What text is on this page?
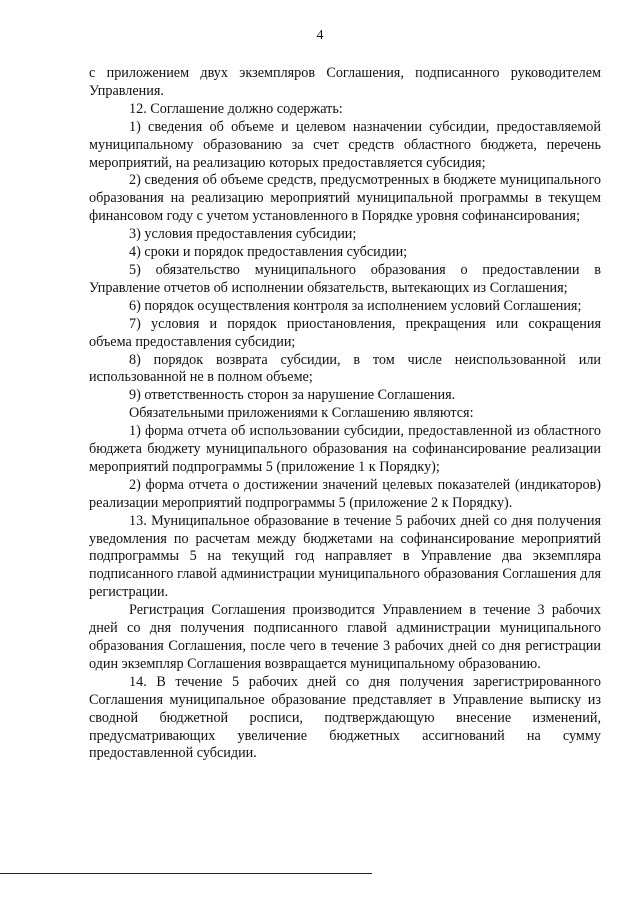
4

с приложением двух экземпляров Соглашения, подписанного руководителем Управления.

12. Соглашение должно содержать:

1) сведения об объеме и целевом назначении субсидии, предоставляемой муниципальному образованию за счет средств областного бюджета, перечень мероприятий, на реализацию которых предоставляется субсидия;

2) сведения об объеме средств, предусмотренных в бюджете муниципального образования на реализацию мероприятий муниципальной программы в текущем финансовом году с учетом установленного в Порядке уровня софинансирования;

3) условия предоставления субсидии;

4) сроки и порядок предоставления субсидии;

5) обязательство муниципального образования о предоставлении в Управление отчетов об исполнении обязательств, вытекающих из Соглашения;

6) порядок осуществления контроля за исполнением условий Соглашения;

7) условия и порядок приостановления, прекращения или сокращения объема предоставления субсидии;

8) порядок возврата субсидии, в том числе неиспользованной или использованной не в полном объеме;

9) ответственность сторон за нарушение Соглашения.

Обязательными приложениями к Соглашению являются:

1) форма отчета об использовании субсидии, предоставленной из областного бюджета бюджету муниципального образования на софинансирование реализации мероприятий подпрограммы 5 (приложение 1 к Порядку);

2) форма отчета о достижении значений целевых показателей (индикаторов) реализации мероприятий подпрограммы 5 (приложение 2 к Порядку).

13. Муниципальное образование в течение 5 рабочих дней со дня получения уведомления по расчетам между бюджетами на софинансирование мероприятий подпрограммы 5 на текущий год направляет в Управление два экземпляра подписанного главой администрации муниципального образования Соглашения для регистрации.

Регистрация Соглашения производится Управлением в течение 3 рабочих дней со дня получения подписанного главой администрации муниципального образования Соглашения, после чего в течение 3 рабочих дней со дня регистрации один экземпляр Соглашения возвращается муниципальному образованию.

14. В течение 5 рабочих дней со дня получения зарегистрированного Соглашения муниципальное образование представляет в Управление выписку из сводной бюджетной росписи, подтверждающую внесение изменений, предусматривающих увеличение бюджетных ассигнований на сумму предоставленной субсидии.
